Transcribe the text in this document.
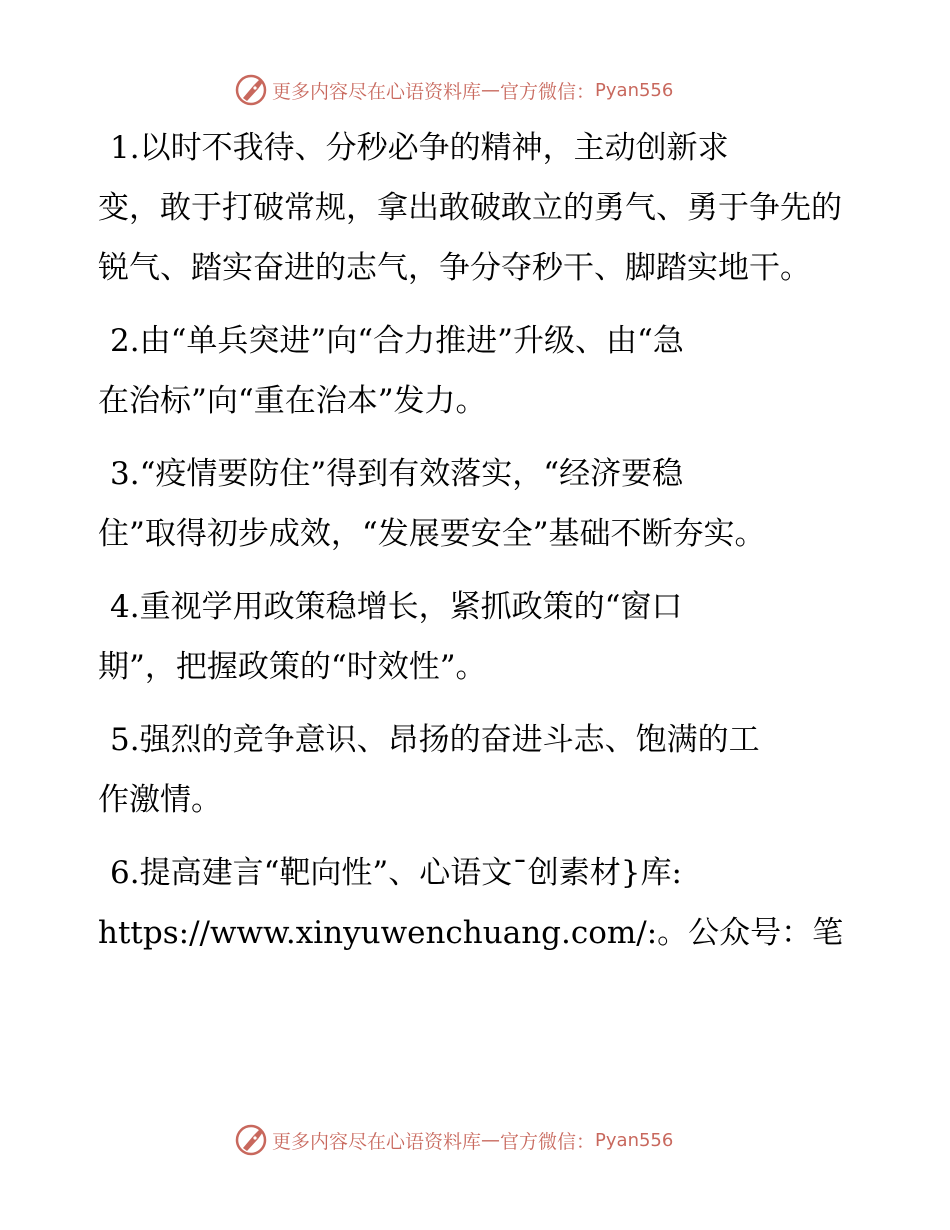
更多内容尽在心语资料库 — 官方微信： Pyan556
1.以时不我待、分秒必争的精神，主动创新求
变，敢于打破常规，拿出敢破敢立的勇气、勇于争先的锐气、踏实奋进的志气，争分夺秒干、脚踏实地干。
2.由“单兵突进”向“合力推进”升级、由“急
在治标”向“重在治本”发力。
3.“疫情要防住”得到有效落实，“经济要稳
住”取得初步成效，“发展要安全”基础不断夯实。
4.重视学用政策稳增长，紧抓政策的“窗口
期”，把握政策的“时效性”。
5.强烈的竞争意识、昂扬的奋进斗志、饱满的工
作激情。
6.提高建言“靶向性”、心语文¯创素材}库:
https://www.xinyuwenchuang.com/:。公众号：笔
更多内容尽在心语资料库 — 官方微信： Pyan556
